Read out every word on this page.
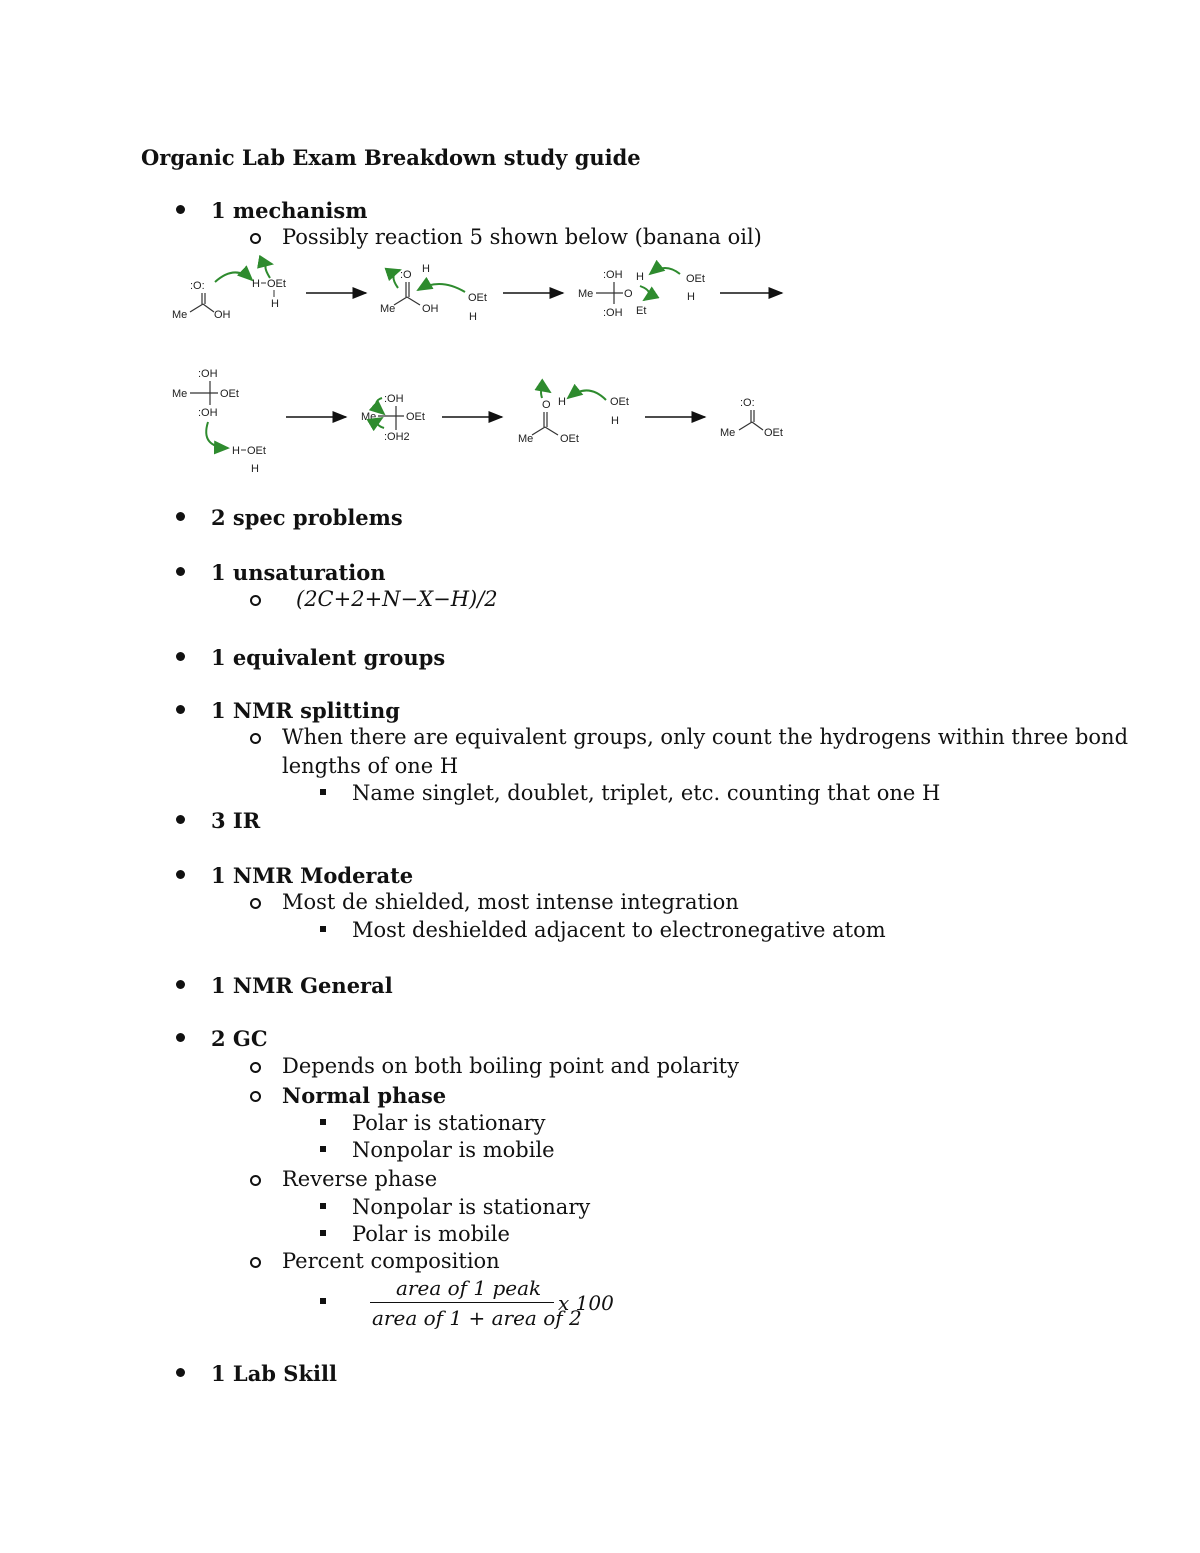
Organic Lab Exam Breakdown study guide
1 mechanism
Possibly reaction 5 shown below (banana oil)
:O:
Me OH
H OEt
H
:O H
Me OH
OEt
H
:OH
Me	O
H
Et
:OH
OEt
H
:OH
Me	OEt
:OH
H OEt
H
:OH
Me	OEt
:OH2
O H
Me OEt
OEt
H
:O:
Me	OEt
2 spec problems
1 unsaturation
(2C+2+N−X−H)/2
1 equivalent groups
1 NMR splitting
When there are equivalent groups, only count the hydrogens within three bond
lengths of one H
Name singlet, doublet, triplet, etc. counting that one H
3 IR
1 NMR Moderate
Most de shielded, most intense integration
Most deshielded adjacent to electronegative atom
1 NMR General
2 GC
Depends on both boiling point and polarity
Normal phase
Polar is stationary
Nonpolar is mobile
Reverse phase
Nonpolar is stationary
Polar is mobile
Percent composition
area of 1 peak
area of 1 + area of 2
x 100
1 Lab Skill
